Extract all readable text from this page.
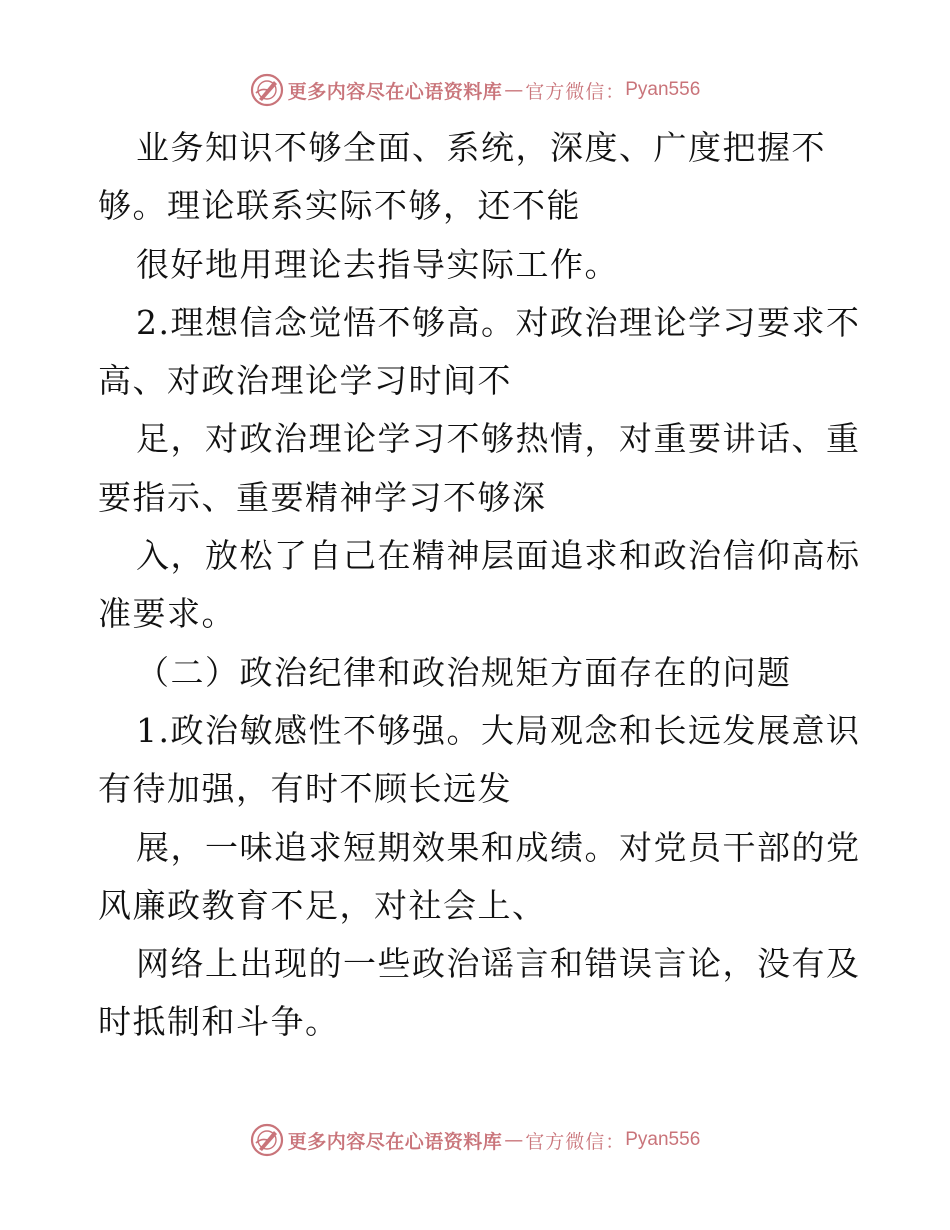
更多内容尽在心语资料库 — 官方微信： Pyan556
业务知识不够全面、系统，深度、广度把握不
够。理论联系实际不够，还不能
很好地用理论去指导实际工作。
2.理想信念觉悟不够高。对政治理论学习要求不
高、对政治理论学习时间不
足，对政治理论学习不够热情，对重要讲话、重
要指示、重要精神学习不够深
入，放松了自己在精神层面追求和政治信仰高标
准要求。
（二）政治纪律和政治规矩方面存在的问题
1.政治敏感性不够强。大局观念和长远发展意识
有待加强，有时不顾长远发
展，一味追求短期效果和成绩。对党员干部的党
风廉政教育不足，对社会上、
网络上出现的一些政治谣言和错误言论，没有及
时抵制和斗争。
更多内容尽在心语资料库 — 官方微信： Pyan556
